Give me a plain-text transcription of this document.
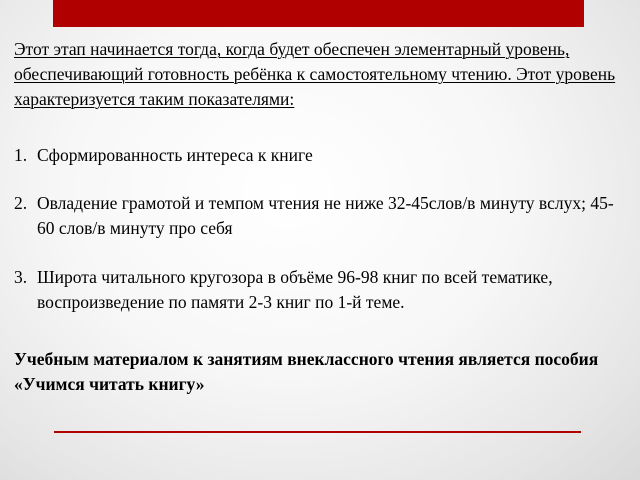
Этот этап начинается тогда, когда будет обеспечен элементарный уровень, обеспечивающий готовность ребёнка к самостоятельному чтению. Этот уровень характеризуется таким показателями:

1. Сформированность интереса к книге
2. Овладение грамотой и темпом чтения не ниже 32-45слов/в минуту вслух; 45-60 слов/в минуту про себя
3. Широта читального кругозора в объёме 96-98 книг по всей тематике, воспроизведение по памяти 2-3 книг по 1-й теме.

Учебным материалом к занятиям внеклассного чтения является пособия «Учимся читать книгу»
